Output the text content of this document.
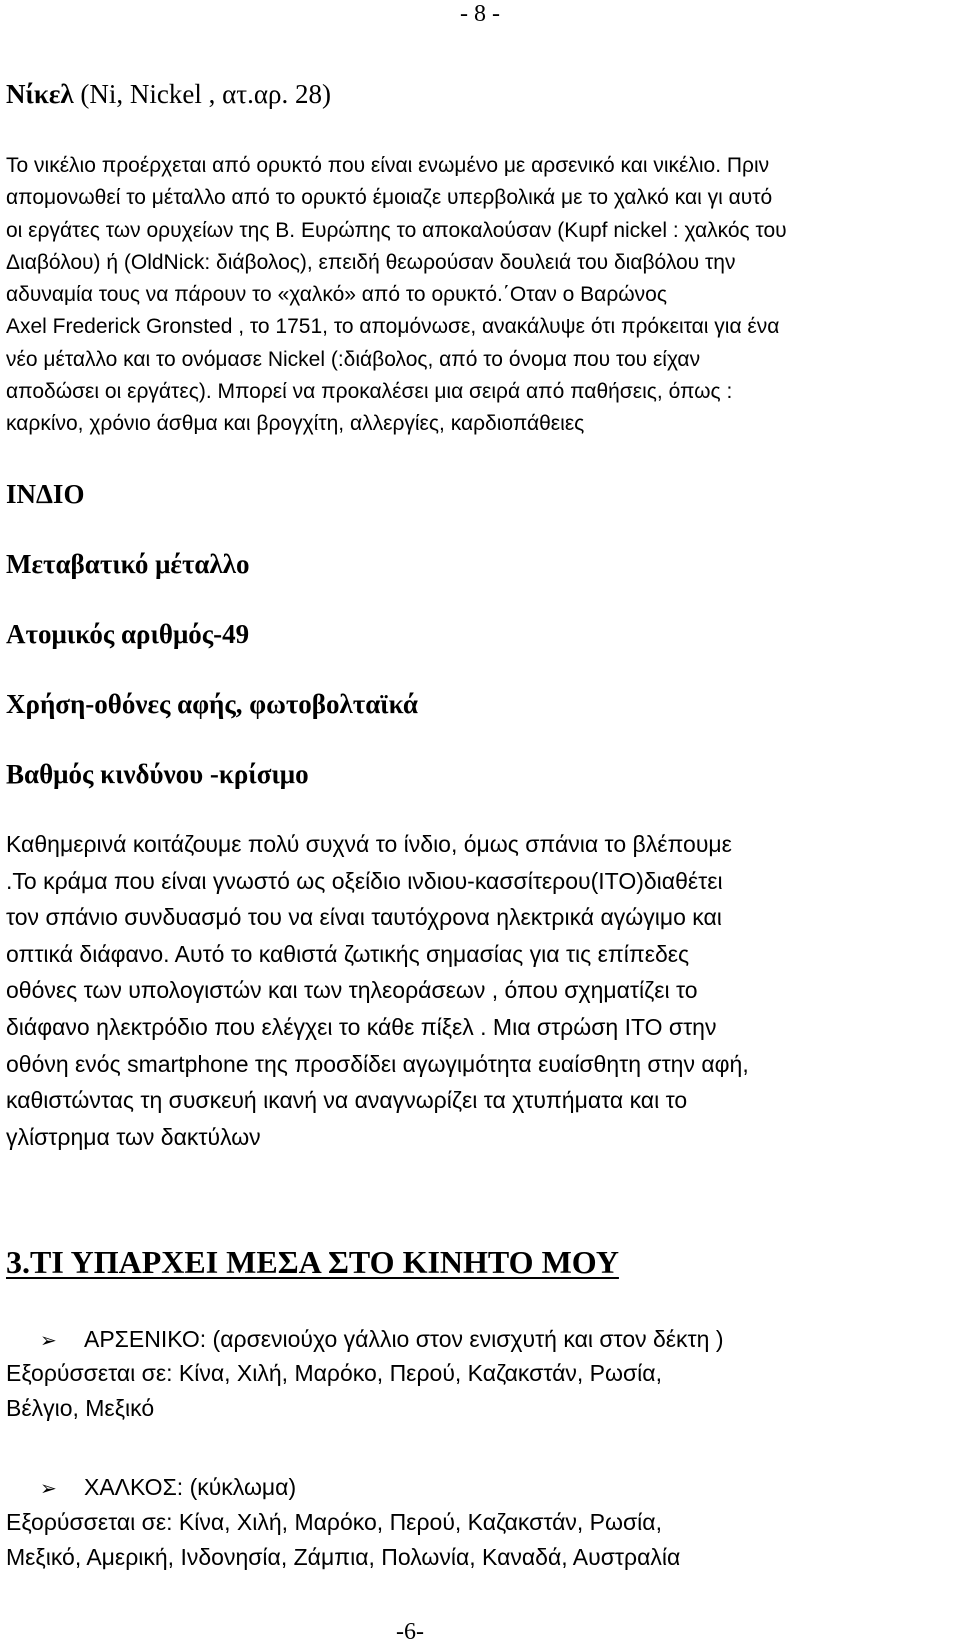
- 8 -
Νίκελ (Ni, Nickel , ατ.αρ. 28)

Το νικέλιο προέρχεται από ορυκτό που είναι ενωμένο με αρσενικό και νικέλιο. Πριν

απομονωθεί το μέταλλο από το ορυκτό έμοιαζε υπερβολικά με το χαλκό και γι αυτό

οι εργάτες των ορυχείων της Β. Ευρώπης το αποκαλούσαν (Kupf nickel : χαλκός του

Διαβόλου) ή (OldNick: διάβολος), επειδή θεωρούσαν δουλειά του διαβόλου την

αδυναμία τους να πάρουν το «χαλκό» από το ορυκτό.΄Οταν ο Βαρώνος

Axel Frederick Gronsted , το 1751, το απομόνωσε, ανακάλυψε ότι πρόκειται για ένα

νέο μέταλλο και το ονόμασε Nickel (:διάβολος, από το όνομα που του είχαν

αποδώσει οι εργάτες). Μπορεί να προκαλέσει μια σειρά από παθήσεις, όπως :

καρκίνο, χρόνιο άσθμα και βρογχίτη, αλλεργίες, καρδιοπάθειες

ΙΝΔΙΟ
Μεταβατικό μέταλλο
Ατομικός αριθμός-49
Χρήση-οθόνες αφής, φωτοβολταϊκά
Βαθμός κινδύνου -κρίσιμο

Καθημερινά κοιτάζουμε πολύ συχνά το ίνδιο, όμως σπάνια το βλέπουμε

.Το κράμα που είναι γνωστό ως οξείδιο ινδιου-κασσίτερου(ΙΤΟ)διαθέτει

τον σπάνιο συνδυασμό του να είναι ταυτόχρονα ηλεκτρικά αγώγιμο και

οπτικά διάφανο. Αυτό το καθιστά ζωτικής σημασίας για τις επίπεδες

οθόνες των υπολογιστών και των τηλεοράσεων , όπου σχηματίζει το

διάφανο ηλεκτρόδιο που ελέγχει το κάθε πίξελ . Μια στρώση ITO στην

οθόνη ενός smartphone της προσδίδει αγωγιμότητα ευαίσθητη στην αφή,

καθιστώντας τη συσκευή ικανή να αναγνωρίζει τα χτυπήματα και το

γλίστρημα των δακτύλων

3.ΤΙ ΥΠΑΡΧΕΙ ΜΕΣΑ ΣΤΟ ΚΙΝΗΤΟ ΜΟΥ
➢ ΑΡΣΕΝΙΚΟ: (αρσενιούχο γάλλιο στον ενισχυτή και στον δέκτη )
Εξορύσσεται σε: Κίνα, Χιλή, Μαρόκο, Περού, Καζακστάν, Ρωσία,
Βέλγιο, Μεξικό
➢ ΧΑΛΚΟΣ: (κύκλωμα)
Εξορύσσεται σε: Κίνα, Χιλή, Μαρόκο, Περού, Καζακστάν, Ρωσία,
Μεξικό, Αμερική, Ινδονησία, Ζάμπια, Πολωνία, Καναδά, Αυστραλία
-6-
